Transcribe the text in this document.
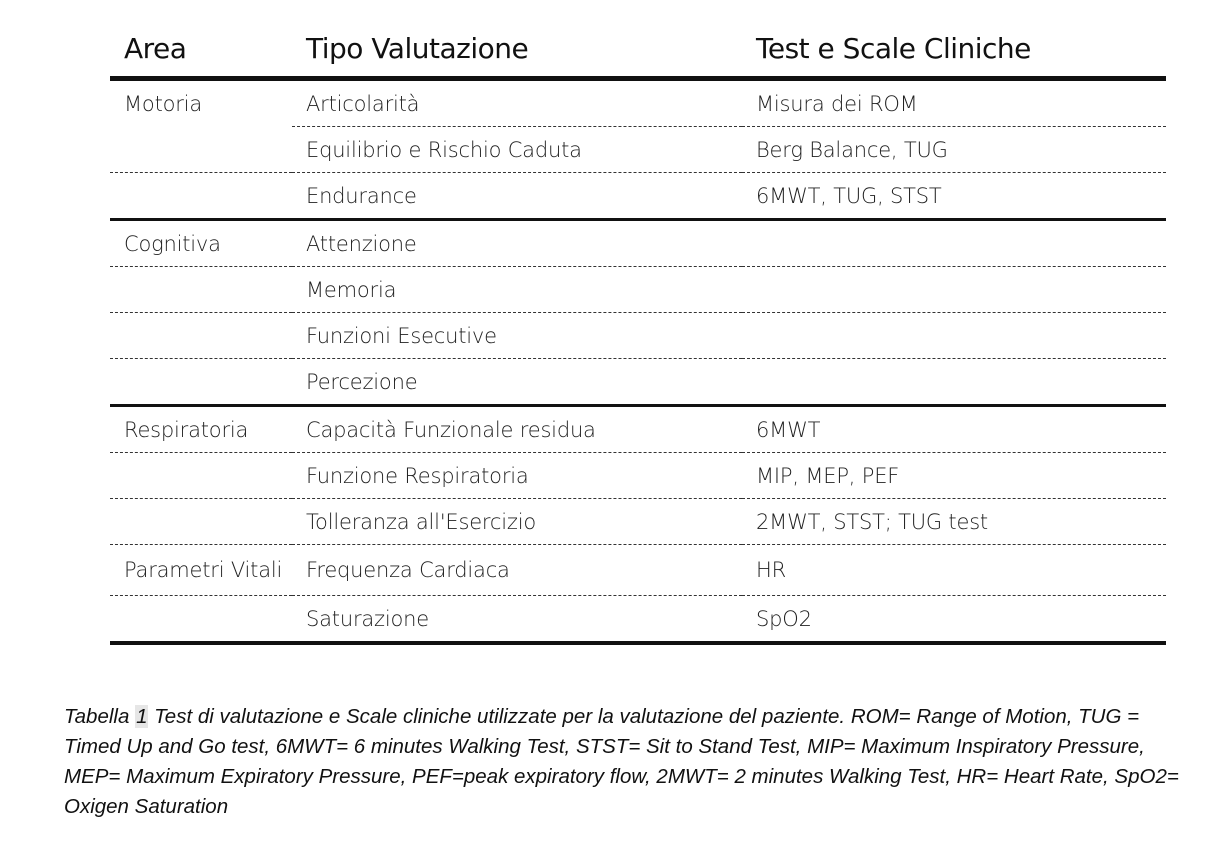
Area	Tipo Valutazione	Test e Scale Cliniche
Motoria	Articolarità	Misura dei ROM
	Equilibrio e Rischio Caduta	Berg Balance, TUG
	Endurance	6MWT, TUG, STST
Cognitiva	Attenzione	
	Memoria	
	Funzioni Esecutive	
	Percezione	
Respiratoria	Capacità Funzionale residua	6MWT
	Funzione Respiratoria	MIP, MEP, PEF
	Tolleranza all'Esercizio	2MWT, STST; TUG test
Parametri Vitali	Frequenza Cardiaca	HR
	Saturazione	SpO2
Tabella 1 Test di valutazione e Scale cliniche utilizzate per la valutazione del paziente. ROM= Range of Motion, TUG = Timed Up and Go test, 6MWT= 6 minutes Walking Test, STST= Sit to Stand Test, MIP= Maximum Inspiratory Pressure, MEP= Maximum Expiratory Pressure, PEF=peak expiratory flow, 2MWT= 2 minutes Walking Test, HR= Heart Rate, SpO2= Oxigen Saturation
